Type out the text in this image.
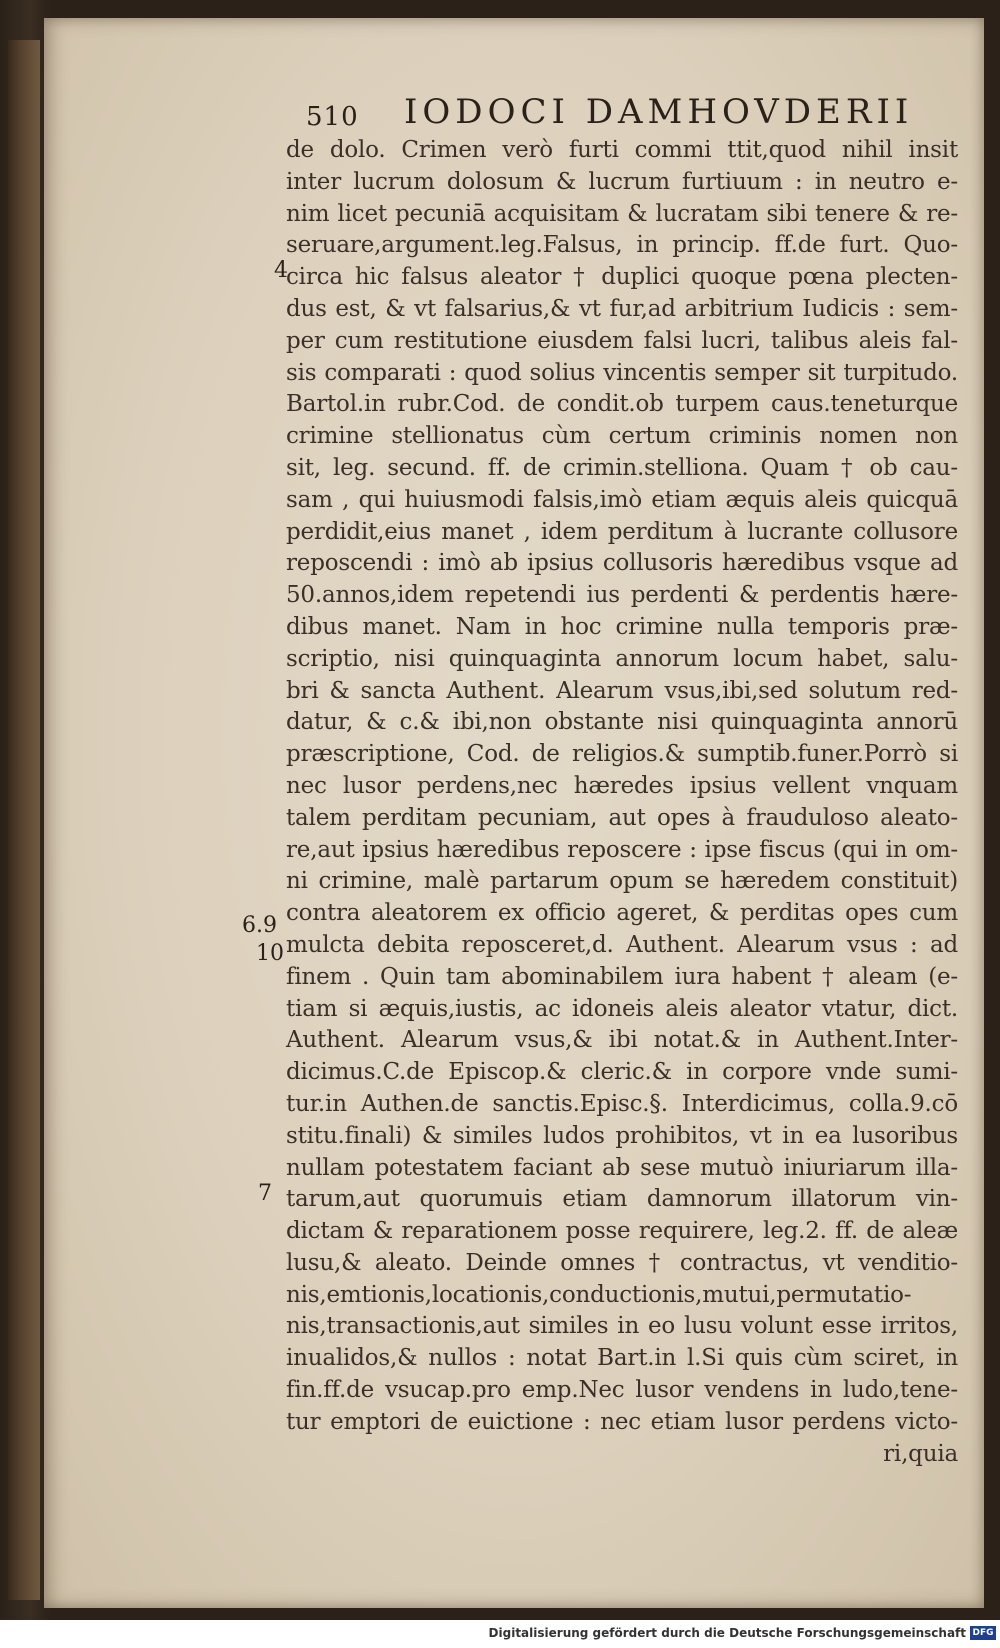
510 IODOCI DAMHOVDERII
4
6.9
10
7
de dolo. Crimen verò furti commi ttit,quod nihil insit
inter lucrum dolosum & lucrum furtiuum : in neutro e-
nim licet pecuniā acquisitam & lucratam sibi tenere & re-
seruare,argument.leg.Falsus, in princip. ff.de furt. Quo-
circa hic falsus aleator † duplici quoque pœna plecten-
dus est, & vt falsarius,& vt fur,ad arbitrium Iudicis : sem-
per cum restitutione eiusdem falsi lucri, talibus aleis fal-
sis comparati : quod solius vincentis semper sit turpitudo.
Bartol.in rubr.Cod. de condit.ob turpem caus.teneturque
crimine stellionatus cùm certum criminis nomen non
sit, leg. secund. ff. de crimin.stelliona. Quam † ob cau-
sam , qui huiusmodi falsis,imò etiam æquis aleis quicquā
perdidit,eius manet , idem perditum à lucrante collusore
reposcendi : imò ab ipsius collusoris hæredibus vsque ad
50.annos,idem repetendi ius perdenti & perdentis hære-
dibus manet. Nam in hoc crimine nulla temporis præ-
scriptio, nisi quinquaginta annorum locum habet, salu-
bri & sancta Authent. Alearum vsus,ibi,sed solutum red-
datur, & c.& ibi,non obstante nisi quinquaginta annorū
præscriptione, Cod. de religios.& sumptib.funer.Porrò si
nec lusor perdens,nec hæredes ipsius vellent vnquam
talem perditam pecuniam, aut opes à fraudulosо aleato-
re,aut ipsius hæredibus reposcere : ipse fiscus (qui in om-
ni crimine, malè partarum opum se hæredem constituit)
contra aleatorem ex officio ageret, & perditas opes cum
mulcta debita reposceret,d. Authent. Alearum vsus : ad
finem . Quin tam abominabilem iura habent † aleam (e-
tiam si æquis,iustis, ac idoneis aleis aleator vtatur, dict.
Authent. Alearum vsus,& ibi notat.& in Authent.Inter-
dicimus.C.de Episcop.& cleric.& in corpore vnde sumi-
tur.in Authen.de sanctis.Episc.§. Interdicimus, colla.9.cō
stitu.finali) & similes ludos prohibitos, vt in ea lusoribus
nullam potestatem faciant ab sese mutuò iniuriarum illa-
tarum,aut quorumuis etiam damnorum illatorum vin-
dictam & reparationem posse requirere, leg.2. ff. de aleæ
lusu,& aleato. Deinde omnes † contractus, vt venditio-
nis,emtionis,locationis,conductionis,mutui,permutatio-
nis,transactionis,aut similes in eo lusu volunt esse irritos,
inualidos,& nullos : notat Bart.in l.Si quis cùm sciret, in
fin.ff.de vsucap.pro emp.Nec lusor vendens in ludo,tene-
tur emptori de euictione : nec etiam lusor perdens victo-
ri,quia
Digitalisierung gefördert durch die Deutsche Forschungsgemeinschaft DFG
